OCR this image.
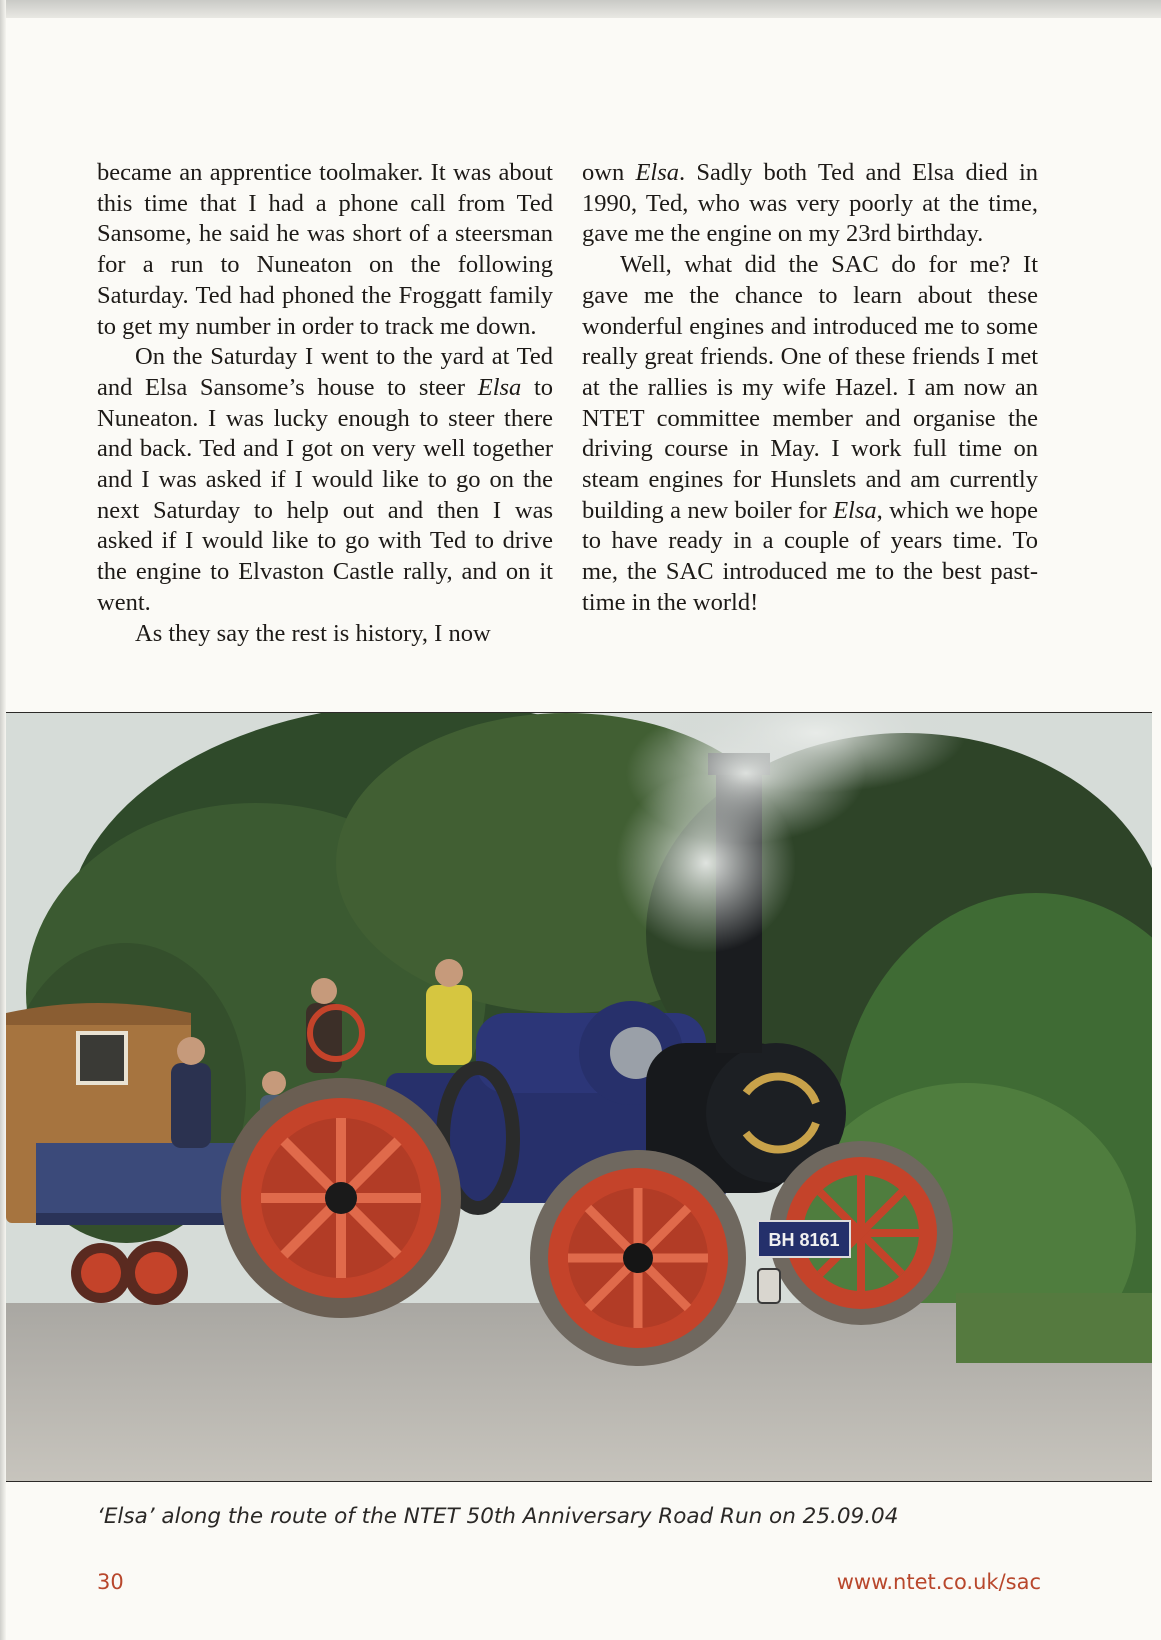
became an apprentice toolmaker. It was about this time that I had a phone call from Ted Sansome, he said he was short of a steersman for a run to Nuneaton on the following Saturday. Ted had phoned the Froggatt family to get my number in order to track me down.

On the Saturday I went to the yard at Ted and Elsa Sansome’s house to steer Elsa to Nuneaton. I was lucky enough to steer there and back. Ted and I got on very well together and I was asked if I would like to go on the next Saturday to help out and then I was asked if I would like to go with Ted to drive the engine to Elvaston Castle rally, and on it went.

As they say the rest is history, I now

own Elsa. Sadly both Ted and Elsa died in 1990, Ted, who was very poorly at the time, gave me the engine on my 23rd birthday.

Well, what did the SAC do for me? It gave me the chance to learn about these wonderful engines and introduced me to some really great friends. One of these friends I met at the rallies is my wife Hazel. I am now an NTET committee member and organise the driving course in May. I work full time on steam engines for Hunslets and am currently building a new boiler for Elsa, which we hope to have ready in a couple of years time. To me, the SAC introduced me to the best past-time in the world!

BH 8161
‘Elsa’ along the route of the NTET 50th Anniversary Road Run on 25.09.04
30	www.ntet.co.uk/sac
